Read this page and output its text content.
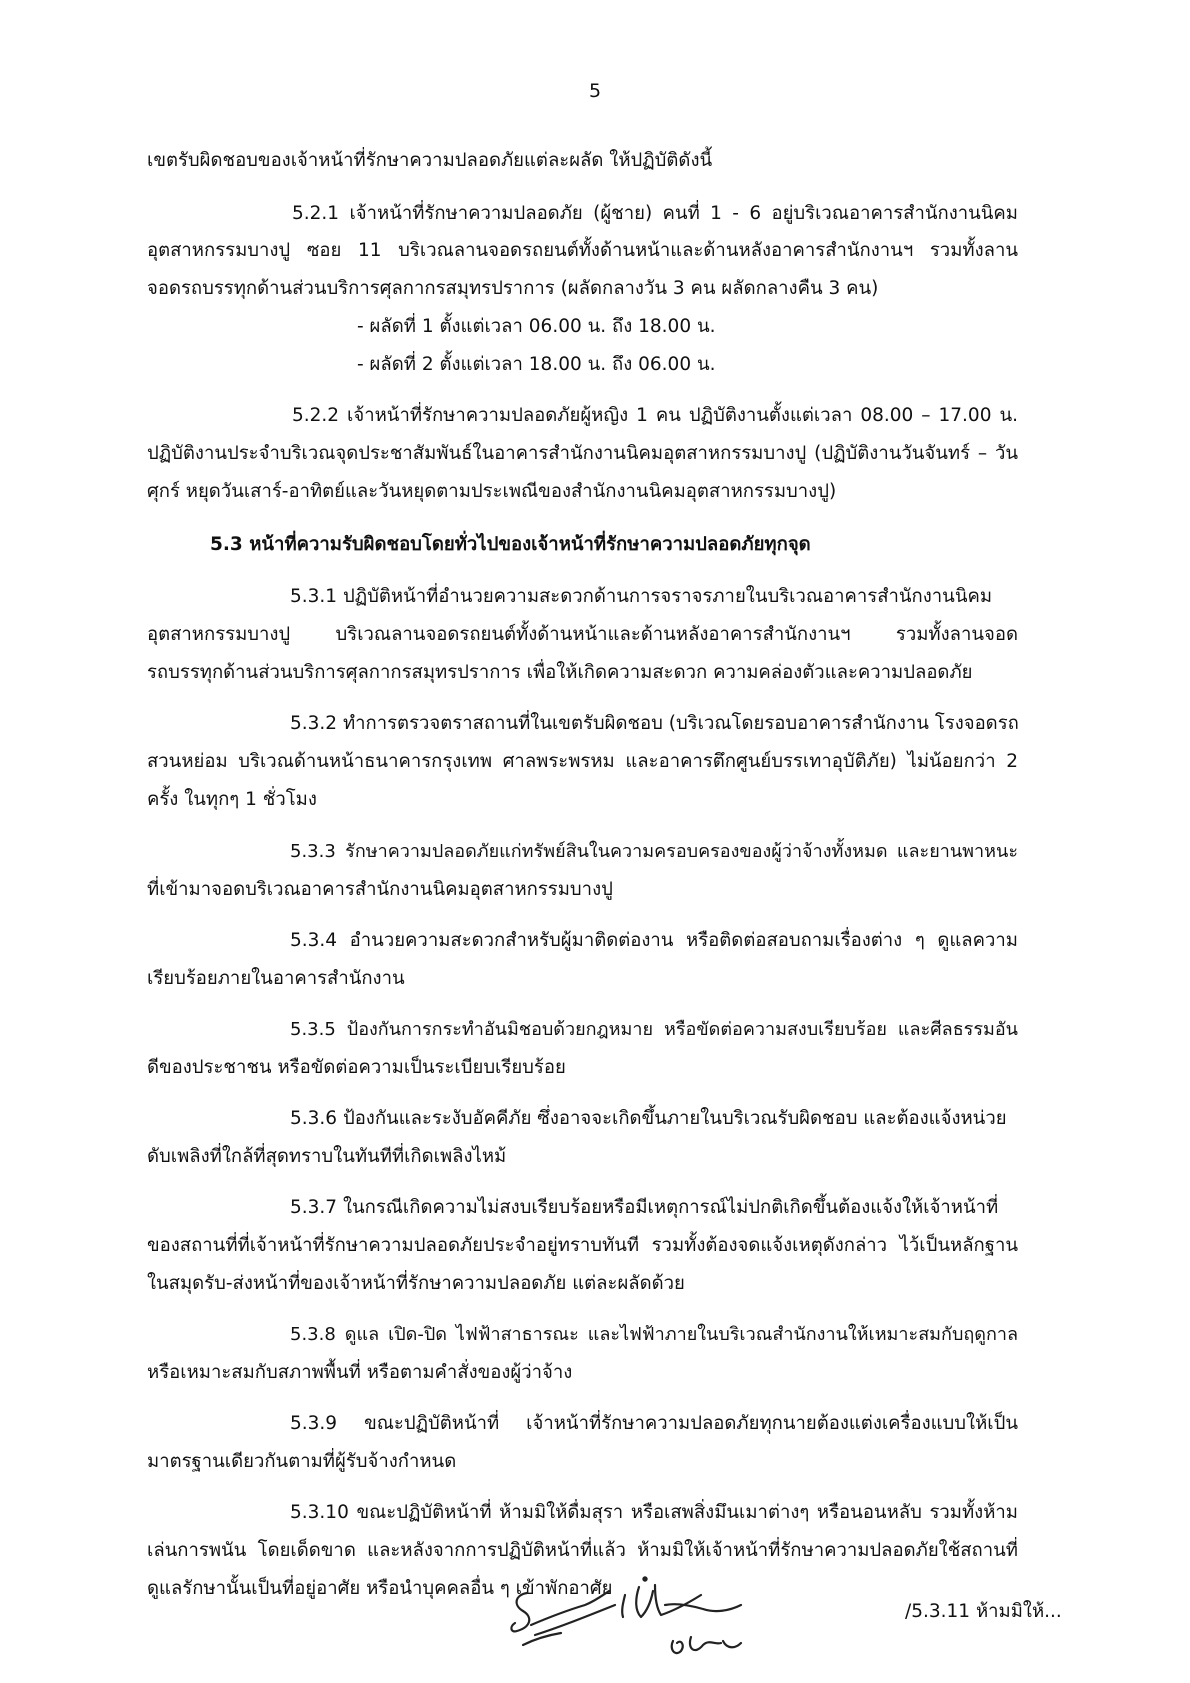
5
เขตรับผิดชอบของเจ้าหน้าที่รักษาความปลอดภัยแต่ละผลัด ให้ปฏิบัติดังนี้
5.2.1 เจ้าหน้าที่รักษาความปลอดภัย (ผู้ชาย) คนที่ 1 - 6 อยู่บริเวณอาคารสำนักงานนิคม
อุตสาหกรรมบางปู ซอย 11 บริเวณลานจอดรถยนต์ทั้งด้านหน้าและด้านหลังอาคารสำนักงานฯ รวมทั้งลาน
จอดรถบรรทุกด้านส่วนบริการศุลกากรสมุทรปราการ (ผลัดกลางวัน 3 คน ผลัดกลางคืน 3 คน)
- ผลัดที่ 1 ตั้งแต่เวลา 06.00 น. ถึง 18.00 น.
- ผลัดที่ 2 ตั้งแต่เวลา 18.00 น. ถึง 06.00 น.
5.2.2 เจ้าหน้าที่รักษาความปลอดภัยผู้หญิง 1 คน ปฏิบัติงานตั้งแต่เวลา 08.00 – 17.00 น.
ปฏิบัติงานประจำบริเวณจุดประชาสัมพันธ์ในอาคารสำนักงานนิคมอุตสาหกรรมบางปู (ปฏิบัติงานวันจันทร์ – วัน
ศุกร์ หยุดวันเสาร์-อาทิตย์และวันหยุดตามประเพณีของสำนักงานนิคมอุตสาหกรรมบางปู)
5.3 หน้าที่ความรับผิดชอบโดยทั่วไปของเจ้าหน้าที่รักษาความปลอดภัยทุกจุด
5.3.1 ปฏิบัติหน้าที่อำนวยความสะดวกด้านการจราจรภายในบริเวณอาคารสำนักงานนิคม
อุตสาหกรรมบางปู บริเวณลานจอดรถยนต์ทั้งด้านหน้าและด้านหลังอาคารสำนักงานฯ รวมทั้งลานจอด
รถบรรทุกด้านส่วนบริการศุลกากรสมุทรปราการ เพื่อให้เกิดความสะดวก ความคล่องตัวและความปลอดภัย
5.3.2 ทำการตรวจตราสถานที่ในเขตรับผิดชอบ (บริเวณโดยรอบอาคารสำนักงาน โรงจอดรถ
สวนหย่อม บริเวณด้านหน้าธนาคารกรุงเทพ ศาลพระพรหม และอาคารตึกศูนย์บรรเทาอุบัติภัย) ไม่น้อยกว่า 2
ครั้ง ในทุกๆ 1 ชั่วโมง
5.3.3 รักษาความปลอดภัยแก่ทรัพย์สินในความครอบครองของผู้ว่าจ้างทั้งหมด และยานพาหนะ
ที่เข้ามาจอดบริเวณอาคารสำนักงานนิคมอุตสาหกรรมบางปู
5.3.4 อำนวยความสะดวกสำหรับผู้มาติดต่องาน หรือติดต่อสอบถามเรื่องต่าง ๆ ดูแลความ
เรียบร้อยภายในอาคารสำนักงาน
5.3.5 ป้องกันการกระทำอันมิชอบด้วยกฎหมาย หรือขัดต่อความสงบเรียบร้อย และศีลธรรมอัน
ดีของประชาชน หรือขัดต่อความเป็นระเบียบเรียบร้อย
5.3.6 ป้องกันและระงับอัคคีภัย ซึ่งอาจจะเกิดขึ้นภายในบริเวณรับผิดชอบ และต้องแจ้งหน่วย
ดับเพลิงที่ใกล้ที่สุดทราบในทันทีที่เกิดเพลิงไหม้
5.3.7 ในกรณีเกิดความไม่สงบเรียบร้อยหรือมีเหตุการณ์ไม่ปกติเกิดขึ้นต้องแจ้งให้เจ้าหน้าที่
ของสถานที่ที่เจ้าหน้าที่รักษาความปลอดภัยประจำอยู่ทราบทันที รวมทั้งต้องจดแจ้งเหตุดังกล่าว ไว้เป็นหลักฐาน
ในสมุดรับ-ส่งหน้าที่ของเจ้าหน้าที่รักษาความปลอดภัย แต่ละผลัดด้วย
5.3.8 ดูแล เปิด-ปิด ไฟฟ้าสาธารณะ และไฟฟ้าภายในบริเวณสำนักงานให้เหมาะสมกับฤดูกาล
หรือเหมาะสมกับสภาพพื้นที่ หรือตามคำสั่งของผู้ว่าจ้าง
5.3.9 ขณะปฏิบัติหน้าที่ เจ้าหน้าที่รักษาความปลอดภัยทุกนายต้องแต่งเครื่องแบบให้เป็น
มาตรฐานเดียวกันตามที่ผู้รับจ้างกำหนด
5.3.10 ขณะปฏิบัติหน้าที่ ห้ามมิให้ดื่มสุรา หรือเสพสิ่งมึนเมาต่างๆ หรือนอนหลับ รวมทั้งห้าม
เล่นการพนัน โดยเด็ดขาด และหลังจากการปฏิบัติหน้าที่แล้ว ห้ามมิให้เจ้าหน้าที่รักษาความปลอดภัยใช้สถานที่
ดูแลรักษานั้นเป็นที่อยู่อาศัย หรือนำบุคคลอื่น ๆ เข้าพักอาศัย
/5.3.11 ห้ามมิให้...
